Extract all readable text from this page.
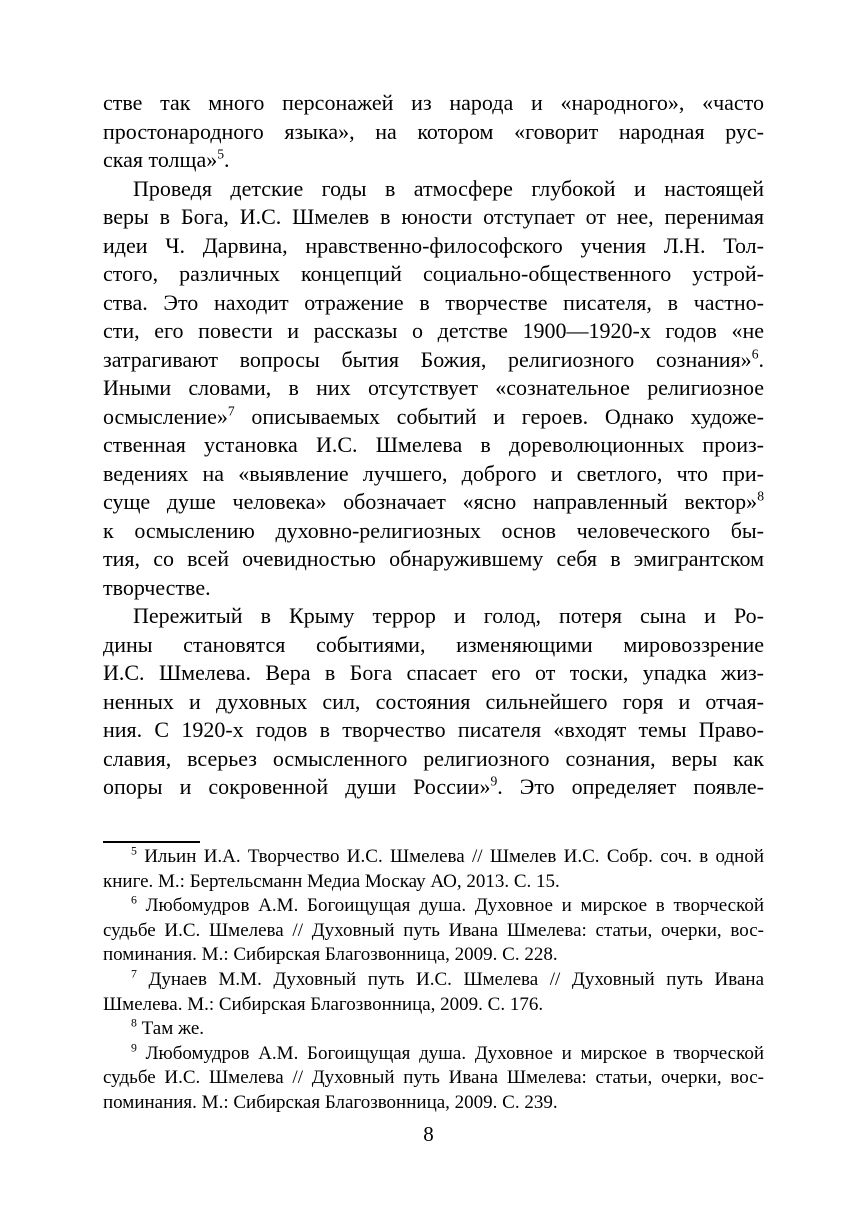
стве так много персонажей из народа и «народного», «часто
простонародного языка», на котором «говорит народная рус-
ская толща»$^5$.
Проведя детские годы в атмосфере глубокой и настоящей
веры в Бога, И.С. Шмелев в юности отступает от нее, перенимая
идеи Ч. Дарвина, нравственно-философского учения Л.Н. Тол-
стого, различных концепций социально-общественного устрой-
ства. Это находит отражение в творчестве писателя, в частно-
сти, его повести и рассказы о детстве 1900—1920-х годов «не
затрагивают вопросы бытия Божия, религиозного сознания»$^6$.
Иными словами, в них отсутствует «сознательное религиозное
осмысление»$^7$ описываемых событий и героев. Однако художе-
ственная установка И.С. Шмелева в дореволюционных произ-
ведениях на «выявление лучшего, доброго и светлого, что при-
суще душе человека» обозначает «ясно направленный вектор»$^8$
к осмыслению духовно-религиозных основ человеческого бы-
тия, со всей очевидностью обнаружившему себя в эмигрантском
творчестве.
Пережитый в Крыму террор и голод, потеря сына и Ро-
дины становятся событиями, изменяющими мировоззрение
И.С. Шмелева. Вера в Бога спасает его от тоски, упадка жиз-
ненных и духовных сил, состояния сильнейшего горя и отчая-
ния. С 1920-х годов в творчество писателя «входят темы Право-
славия, всерьез осмысленного религиозного сознания, веры как
опоры и сокровенной души России»$^9$. Это определяет появле-
$^5$ Ильин И.А. Творчество И.С. Шмелева // Шмелев И.С. Собр. соч. в одной
книге. М.: Бертельсманн Медиа Москау АО, 2013. С. 15.
$^6$ Любомудров А.М. Богоищущая душа. Духовное и мирское в творческой
судьбе И.С. Шмелева // Духовный путь Ивана Шмелева: статьи, очерки, вос-
поминания. М.: Сибирская Благозвонница, 2009. С. 228.
$^7$ Дунаев М.М. Духовный путь И.С. Шмелева // Духовный путь Ивана
Шмелева. М.: Сибирская Благозвонница, 2009. С. 176.
$^8$ Там же.
$^9$ Любомудров А.М. Богоищущая душа. Духовное и мирское в творческой
судьбе И.С. Шмелева // Духовный путь Ивана Шмелева: статьи, очерки, вос-
поминания. М.: Сибирская Благозвонница, 2009. С. 239.
8
